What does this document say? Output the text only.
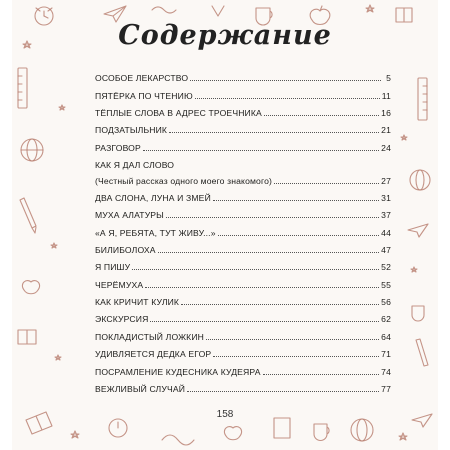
Содержание
ОСОБОЕ ЛЕКАРСТВО	5
ПЯТЁРКА ПО ЧТЕНИЮ	11
ТЁПЛЫЕ СЛОВА В АДРЕС ТРОЕЧНИКА	16
ПОДЗАТЫЛЬНИК	21
РАЗГОВОР	24
КАК Я ДАЛ СЛОВО
(Честный рассказ одного моего знакомого)	27
ДВА СЛОНА, ЛУНА И ЗМЕЙ	31
МУХА АЛАТУРЫ	37
«А Я, РЕБЯТА, ТУТ ЖИВУ...»	44
БИЛИБОЛОХА	47
Я ПИШУ	52
ЧЕРЁМУХА	55
КАК КРИЧИТ КУЛИК	56
ЭКСКУРСИЯ	62
ПОКЛАДИСТЫЙ ЛОЖКИН	64
УДИВЛЯЕТСЯ ДЕДКА ЕГОР	71
ПОСРАМЛЕНИЕ КУДЕСНИКА КУДЕЯРА	74
ВЕЖЛИВЫЙ СЛУЧАЙ	77
158
